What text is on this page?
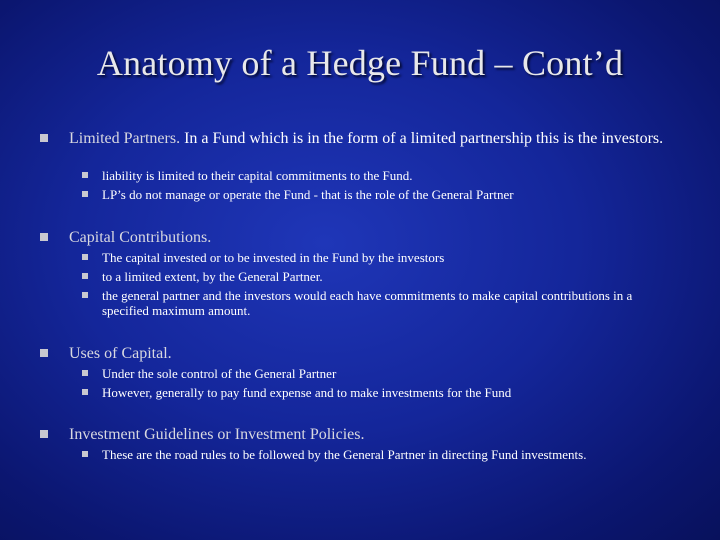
Anatomy of a Hedge Fund – Cont’d
Limited Partners. In a Fund which is in the form of a limited partnership this is the investors.
liability is limited to their capital commitments to the Fund.
LP’s do not manage or operate the Fund - that is the role of the General Partner
Capital Contributions.
The capital invested or to be invested in the Fund by the investors
to a limited extent, by the General Partner.
the general partner and the investors would each have commitments to make capital contributions in a specified maximum amount.
Uses of Capital.
Under the sole control of the General Partner
However, generally to pay fund expense and to make investments for the Fund
Investment Guidelines or Investment Policies.
These are the road rules to be followed by the General Partner in directing Fund investments.
